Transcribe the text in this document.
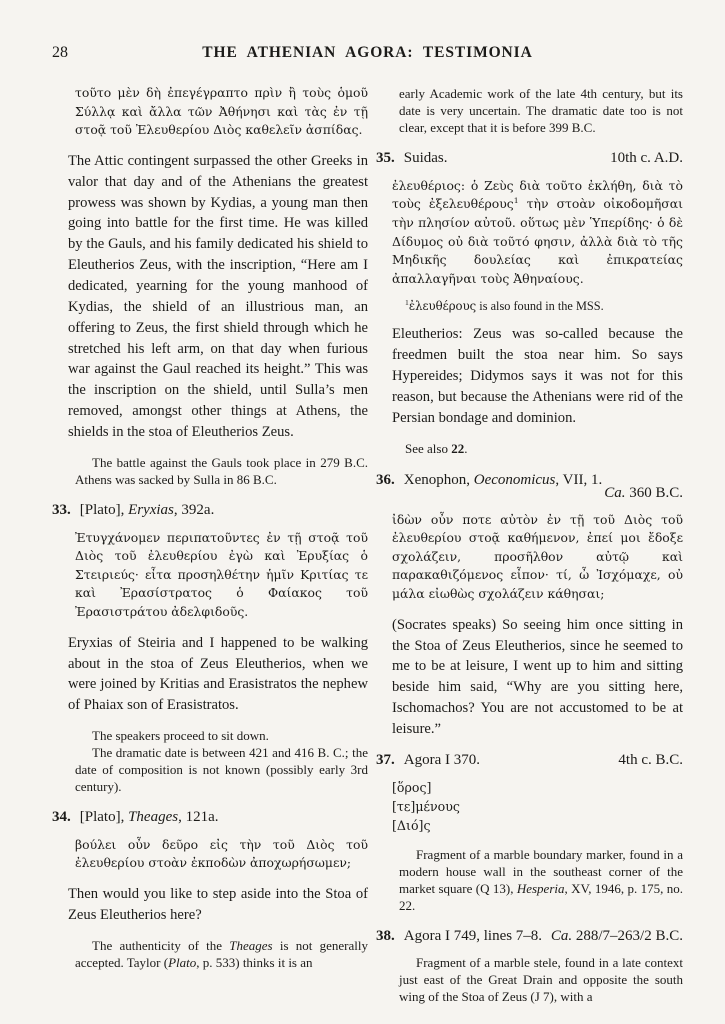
28	THE ATHENIAN AGORA: TESTIMONIA

τοῦτο μὲν δὴ ἐπεγέγραπτο πρὶν ἢ τοὺς ὁμοῦ Σύλλᾳ καὶ ἄλλα τῶν Ἀθήνησι καὶ τὰς ἐν τῇ στοᾷ τοῦ Ἐλευθερίου Διὸς καθελεῖν ἀσπίδας.

The Attic contingent surpassed the other Greeks in valor that day and of the Athenians the greatest prowess was shown by Kydias, a young man then going into battle for the first time. He was killed by the Gauls, and his family dedicated his shield to Eleutherios Zeus, with the inscription, “Here am I dedicated, yearning for the young manhood of Kydias, the shield of an illustrious man, an offering to Zeus, the first shield through which he stretched his left arm, on that day when furious war against the Gaul reached its height.” This was the inscription on the shield, until Sulla’s men removed, amongst other things at Athens, the shields in the stoa of Eleutherios Zeus.

The battle against the Gauls took place in 279 B.C. Athens was sacked by Sulla in 86 B.C.

33. [Plato], Eryxias, 392a.

Ἐτυγχάνομεν περιπατοῦντες ἐν τῇ στοᾷ τοῦ Διὸς τοῦ ἐλευθερίου ἐγὼ καὶ Ἐρυξίας ὁ Στειριεύς· εἶτα προσηλθέτην ἡμῖν Κριτίας τε καὶ Ἐρασίστρατος ὁ Φαίακος τοῦ Ἐρασιστράτου ἀδελφιδοῦς.

Eryxias of Steiria and I happened to be walking about in the stoa of Zeus Eleutherios, when we were joined by Kritias and Erasistratos the nephew of Phaiax son of Erasistratos.

The speakers proceed to sit down.

The dramatic date is between 421 and 416 B. C.; the date of composition is not known (possibly early 3rd century).

34. [Plato], Theages, 121a.

βούλει οὖν δεῦρο εἰς τὴν τοῦ Διὸς τοῦ ἐλευθερίου στοὰν ἐκποδὼν ἀποχωρήσωμεν;

Then would you like to step aside into the Stoa of Zeus Eleutherios here?

The authenticity of the Theages is not generally accepted. Taylor (Plato, p. 533) thinks it is an

early Academic work of the late 4th century, but its date is very uncertain. The dramatic date too is not clear, except that it is before 399 B.C.

35. Suidas.	10th c. A.D.

ἐλευθέριος: ὁ Ζεὺς διὰ τοῦτο ἐκλήθη, διὰ τὸ τοὺς ἐξελευθέρους$^1$ τὴν στοὰν οἰκοδομῆσαι τὴν πλησίον αὐτοῦ. οὕτως μὲν Ὑπερίδης· ὁ δὲ Δίδυμος οὐ διὰ τοῦτό φησιν, ἀλλὰ διὰ τὸ τῆς Μηδικῆς δουλείας καὶ ἐπικρατείας ἀπαλλαγῆναι τοὺς Ἀθηναίους.

$^1$ἐλευθέρους is also found in the MSS.

Eleutherios: Zeus was so-called because the freedmen built the stoa near him. So says Hypereides; Didymos says it was not for this reason, but because the Athenians were rid of the Persian bondage and dominion.

See also 22.

36. Xenophon, Oeconomicus, VII, 1.
Ca. 360 B.C.

ἰδὼν οὖν ποτε αὐτὸν ἐν τῇ τοῦ Διὸς τοῦ ἐλευθερίου στοᾷ καθήμενον, ἐπεί μοι ἔδοξε σχολάζειν, προσῆλθον αὐτῷ καὶ παρακαθιζόμενος εἶπον· τί, ὦ Ἰσχόμαχε, οὐ μάλα εἰωθὼς σχολάζειν κάθησαι;

(Socrates speaks) So seeing him once sitting in the Stoa of Zeus Eleutherios, since he seemed to me to be at leisure, I went up to him and sitting beside him said, “Why are you sitting here, Ischomachos? You are not accustomed to be at leisure.”

37. Agora I 370.	4th c. B.C.
[ὅρος]
[τε]μένους
[Διό]ς

Fragment of a marble boundary marker, found in a modern house wall in the southeast corner of the market square (Q 13), Hesperia, XV, 1946, p. 175, no. 22.

38. Agora I 749, lines 7–8. Ca. 288/7–263/2 B.C.

Fragment of a marble stele, found in a late context just east of the Great Drain and opposite the south wing of the Stoa of Zeus (J 7), with a
